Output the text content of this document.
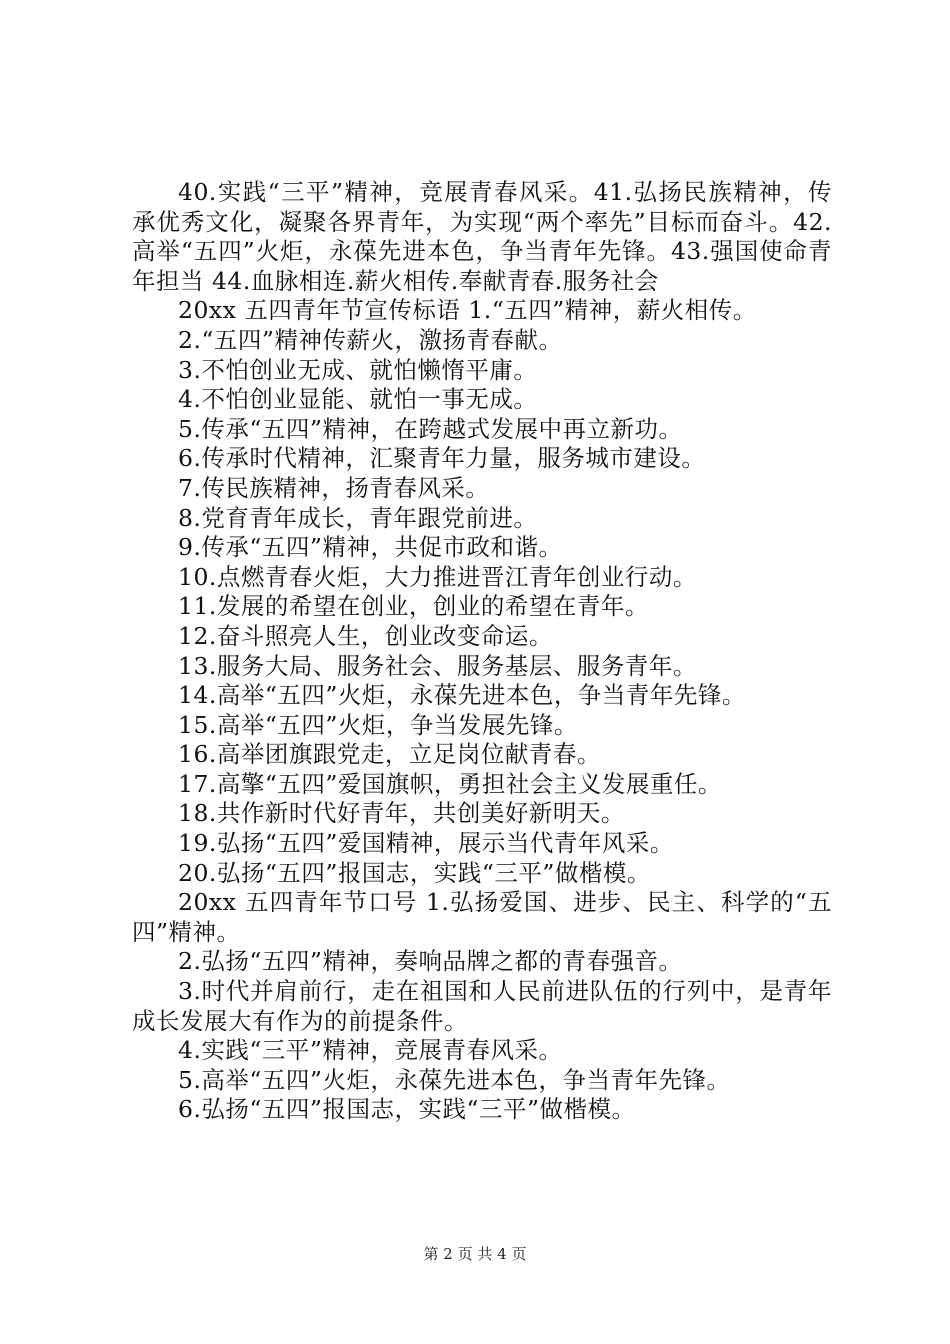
40.实践“三平”精神，竞展青春风采。41.弘扬民族精神，传承优秀文化，凝聚各界青年，为实现“两个率先”目标而奋斗。42.高举“五四”火炬，永葆先进本色，争当青年先锋。43.强国使命青年担当 44.血脉相连.薪火相传.奉献青春.服务社会

20xx 五四青年节宣传标语 1.“五四”精神，薪火相传。

2.“五四”精神传薪火，激扬青春献。

3.不怕创业无成、就怕懒惰平庸。

4.不怕创业显能、就怕一事无成。

5.传承“五四”精神，在跨越式发展中再立新功。

6.传承时代精神，汇聚青年力量，服务城市建设。

7.传民族精神，扬青春风采。

8.党育青年成长，青年跟党前进。

9.传承“五四”精神，共促市政和谐。

10.点燃青春火炬，大力推进晋江青年创业行动。

11.发展的希望在创业，创业的希望在青年。

12.奋斗照亮人生，创业改变命运。

13.服务大局、服务社会、服务基层、服务青年。

14.高举“五四”火炬，永葆先进本色，争当青年先锋。

15.高举“五四”火炬，争当发展先锋。

16.高举团旗跟党走，立足岗位献青春。

17.高擎“五四”爱国旗帜，勇担社会主义发展重任。

18.共作新时代好青年，共创美好新明天。

19.弘扬“五四”爱国精神，展示当代青年风采。

20.弘扬“五四”报国志，实践“三平”做楷模。

20xx 五四青年节口号 1.弘扬爱国、进步、民主、科学的“五四”精神。

2.弘扬“五四”精神，奏响品牌之都的青春强音。

3.时代并肩前行，走在祖国和人民前进队伍的行列中，是青年成长发展大有作为的前提条件。

4.实践“三平”精神，竞展青春风采。

5.高举“五四”火炬，永葆先进本色，争当青年先锋。

6.弘扬“五四”报国志，实践“三平”做楷模。

第 2 页 共 4 页
